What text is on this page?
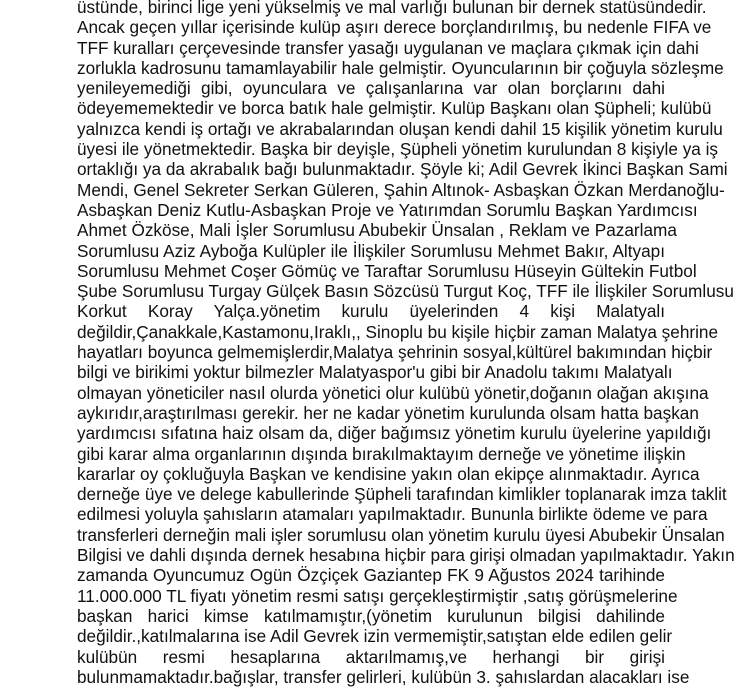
üstünde, birinci lige yeni yükselmiş ve mal varlığı bulunan bir dernek statüsündedir.
Ancak geçen yıllar içerisinde kulüp aşırı derece borçlandırılmış, bu nedenle FIFA ve
TFF kuralları çerçevesinde transfer yasağı uygulanan ve maçlara çıkmak için dahi
zorlukla kadrosunu tamamlayabilir hale gelmiştir. Oyuncularının bir çoğuyla sözleşme
yenileyemediği gibi, oyunculara ve çalışanlarına var olan borçlarını dahi
ödeyememektedir ve borca batık hale gelmiştir. Kulüp Başkanı olan Şüpheli; kulübü
yalnızca kendi iş ortağı ve akrabalarından oluşan kendi dahil 15 kişilik yönetim kurulu
üyesi ile yönetmektedir. Başka bir deyişle, Şüpheli yönetim kurulundan 8 kişiyle ya iş
ortaklığı ya da akrabalık bağı bulunmaktadır. Şöyle ki; Adil Gevrek İkinci Başkan Sami
Mendi, Genel Sekreter Serkan Güleren, Şahin Altınok- Asbaşkan Özkan Merdanoğlu-
Asbaşkan Deniz Kutlu-Asbaşkan Proje ve Yatırımdan Sorumlu Başkan Yardımcısı
Ahmet Özköse, Mali İşler Sorumlusu Abubekir Ünsalan , Reklam ve Pazarlama
Sorumlusu Aziz Ayboğa Kulüpler ile İlişkiler Sorumlusu Mehmet Bakır, Altyapı
Sorumlusu Mehmet Coşer Gömüç ve Taraftar Sorumlusu Hüseyin Gültekin Futbol
Şube Sorumlusu Turgay Gülçek Basın Sözcüsü Turgut Koç, TFF ile İlişkiler Sorumlusu
Korkut Koray Yalça.yönetim kurulu üyelerinden 4 kişi Malatyalı
değildir,Çanakkale,Kastamonu,Iraklı,, Sinoplu bu kişile hiçbir zaman Malatya şehrine
hayatları boyunca gelmemişlerdir,Malatya şehrinin sosyal,kültürel bakımından hiçbir
bilgi ve birikimi yoktur bilmezler Malatyaspor'u gibi bir Anadolu takımı Malatyalı
olmayan yöneticiler nasıl olurda yönetici olur kulübü yönetir,doğanın olağan akışına
aykırıdır,araştırılması gerekir. her ne kadar yönetim kurulunda olsam hatta başkan
yardımcısı sıfatına haiz olsam da, diğer bağımsız yönetim kurulu üyelerine yapıldığı
gibi karar alma organlarının dışında bırakılmaktayım derneğe ve yönetime ilişkin
kararlar oy çokluğuyla Başkan ve kendisine yakın olan ekipçe alınmaktadır. Ayrıca
derneğe üye ve delege kabullerinde Şüpheli tarafından kimlikler toplanarak imza taklit
edilmesi yoluyla şahısların atamaları yapılmaktadır. Bununla birlikte ödeme ve para
transferleri derneğin mali işler sorumlusu olan yönetim kurulu üyesi Abubekir Ünsalan
Bilgisi ve dahli dışında dernek hesabına hiçbir para girişi olmadan yapılmaktadır. Yakın
zamanda Oyuncumuz Ogün Özçiçek Gaziantep FK 9 Ağustos 2024 tarihinde
11.000.000 TL fiyatı yönetim resmi satışı gerçekleştirmiştir ,satış görüşmelerine
başkan harici kimse katılmamıştır,(yönetim kurulunun bilgisi dahilinde
değildir.,katılmalarına ise Adil Gevrek izin vermemiştir,satıştan elde edilen gelir
kulübün resmi hesaplarına aktarılmamış,ve herhangi bir girişi
bulunmamaktadır.bağışlar, transfer gelirleri, kulübün 3. şahıslardan alacakları ise
